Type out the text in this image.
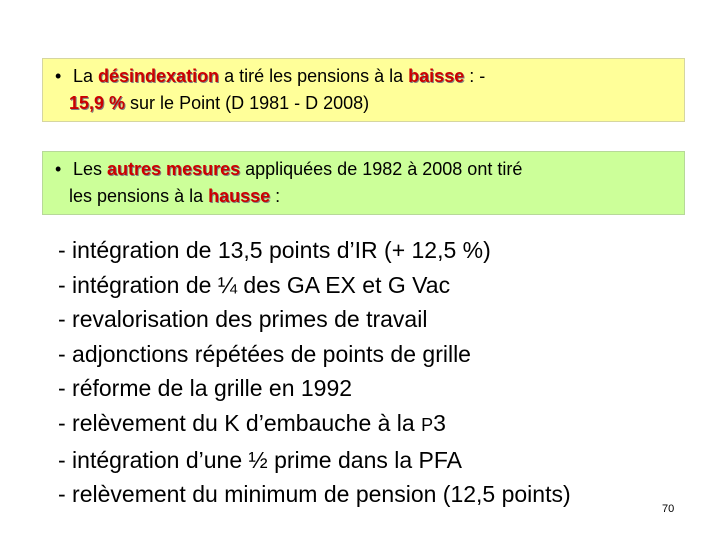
• La désindexation a tiré les pensions à la baisse : -
15,9 % sur le Point (D 1981 - D 2008)
• Les autres mesures appliquées de 1982 à 2008 ont tiré
les pensions à la hausse :
- intégration de 13,5 points d’IR (+ 12,5 %)
- intégration de ¼ des GA EX et G Vac
- revalorisation des primes de travail
- adjonctions répétées de points de grille
- réforme de la grille en 1992
- relèvement du K d’embauche à la P3
- intégration d’une ½ prime dans la PFA
- relèvement du minimum de pension (12,5 points)
70
